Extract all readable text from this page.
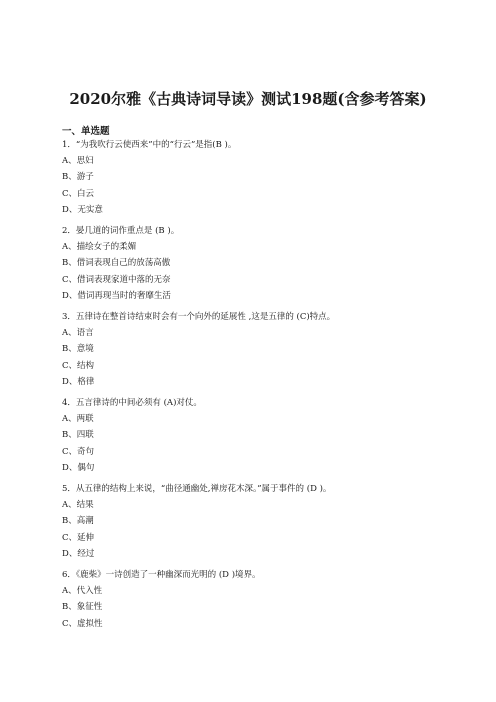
2020尔雅《古典诗词导读》测试198题(含参考答案)
一、单选题
1．“为我吹行云使西来”中的“行云”是指(B )。
A、思妇
B、游子
C、白云
D、无实意
2．晏几道的词作重点是 (B )。
A、描绘女子的柔媚
B、借词表现自己的放荡高傲
C、借词表现家道中落的无奈
D、借词再现当时的奢靡生活
3．五律诗在整首诗结束时会有一个向外的延展性 ,这是五律的 (C)特点。
A、语言
B、意境
C、结构
D、格律
4．五言律诗的中间必须有 (A)对仗。
A、两联
B、四联
C、奇句
D、偶句
5．从五律的结构上来说，“曲径通幽处,禅房花木深。”属于事件的 (D )。
A、结果
B、高潮
C、延伸
D、经过
6．《鹿柴》一诗创造了一种幽深而光明的 (D )境界。
A、代入性
B、象征性
C、虚拟性
